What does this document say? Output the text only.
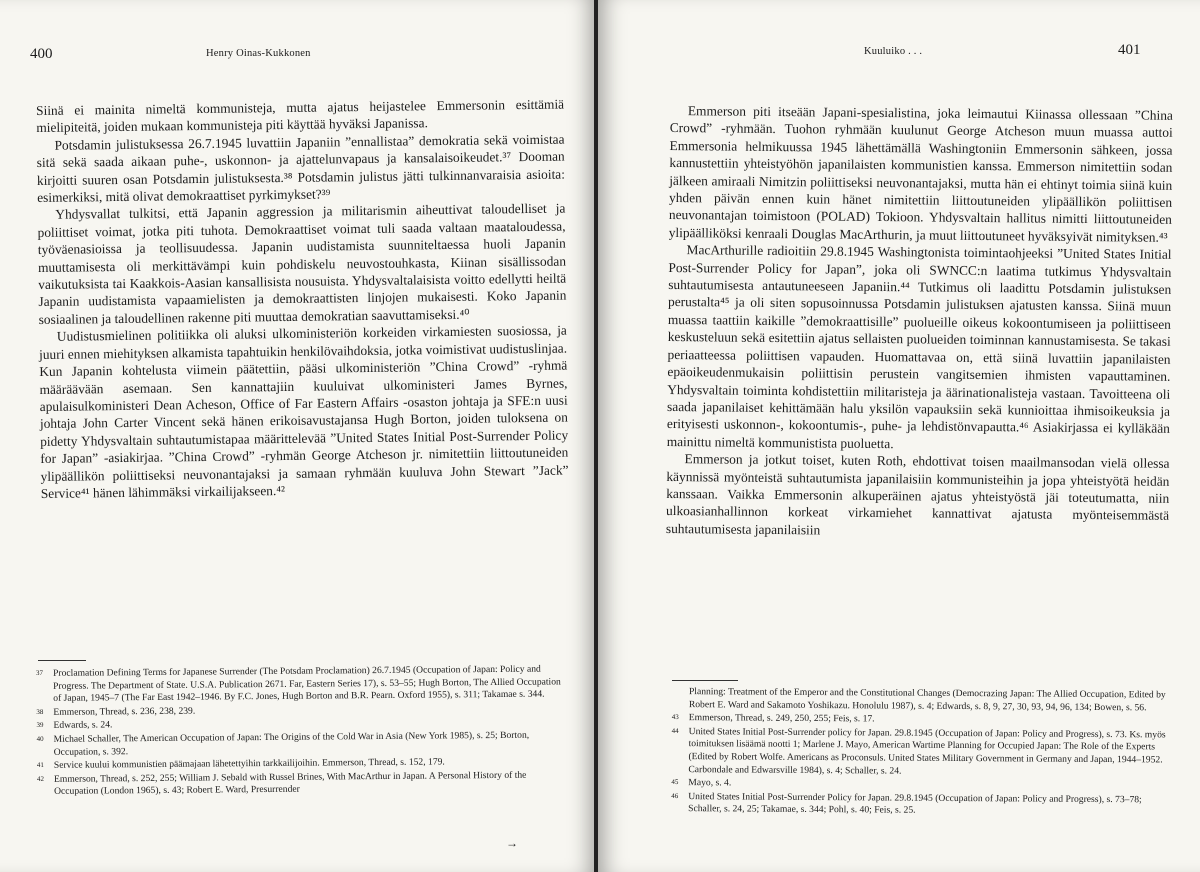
400	Henry Oinas-Kukkonen

Siinä ei mainita nimeltä kommunisteja, mutta ajatus heijastelee Emmersonin esittämiä mielipiteitä, joiden mukaan kommunisteja piti käyttää hyväksi Japanissa.

Potsdamin julistuksessa 26.7.1945 luvattiin Japaniin ”ennallistaa” demokratia sekä voimistaa sitä sekä saada aikaan puhe-, uskonnon- ja ajattelunvapaus ja kansalaisoikeudet.³⁷ Dooman kirjoitti suuren osan Potsdamin julistuksesta.³⁸ Potsdamin julistus jätti tulkinnanvaraisia asioita: esimerkiksi, mitä olivat demokraattiset pyrkimykset?³⁹

Yhdysvallat tulkitsi, että Japanin aggression ja militarismin aiheuttivat taloudelliset ja poliittiset voimat, jotka piti tuhota. Demokraattiset voimat tuli saada valtaan maataloudessa, työväenasioissa ja teollisuudessa. Japanin uudistamista suunniteltaessa huoli Japanin muuttamisesta oli merkittävämpi kuin pohdiskelu neuvostouhkasta, Kiinan sisällissodan vaikutuksista tai Kaakkois-Aasian kansallisista nousuista. Yhdysvaltalaisista voitto edellytti heiltä Japanin uudistamista vapaamielisten ja demokraattisten linjojen mukaisesti. Koko Japanin sosiaalinen ja taloudellinen rakenne piti muuttaa demokratian saavuttamiseksi.⁴⁰

Uudistusmielinen politiikka oli aluksi ulkoministeriön korkeiden virkamiesten suosiossa, ja juuri ennen miehityksen alkamista tapahtuikin henkilövaihdoksia, jotka voimistivat uudistuslinjaa. Kun Japanin kohtelusta viimein päätettiin, pääsi ulkoministeriön ”China Crowd” -ryhmä määräävään asemaan. Sen kannattajiin kuuluivat ulkoministeri James Byrnes, apulaisulkoministeri Dean Acheson, Office of Far Eastern Affairs -osaston johtaja ja SFE:n uusi johtaja John Carter Vincent sekä hänen erikoisavustajansa Hugh Borton, joiden tuloksena on pidetty Yhdysvaltain suhtautumistapaa määrittelevää ”United States Initial Post-Surrender Policy for Japan” -asiakirjaa. ”China Crowd” -ryhmän George Atcheson jr. nimitettiin liittoutuneiden ylipäällikön poliittiseksi neuvonantajaksi ja samaan ryhmään kuuluva John Stewart ”Jack” Service⁴¹ hänen lähimmäksi virkailijakseen.⁴²

37	Proclamation Defining Terms for Japanese Surrender (The Potsdam Proclamation) 26.7.1945 (Occupation of Japan: Policy and Progress. The Department of State. U.S.A. Publication 2671. Far, Eastern Series 17), s. 53–55; Hugh Borton, The Allied Occupation of Japan, 1945–7 (The Far East 1942–1946. By F.C. Jones, Hugh Borton and B.R. Pearn. Oxford 1955), s. 311; Takamae s. 344.
38	Emmerson, Thread, s. 236, 238, 239.
39	Edwards, s. 24.
40	Michael Schaller, The American Occupation of Japan: The Origins of the Cold War in Asia (New York 1985), s. 25; Borton, Occupation, s. 392.
41	Service kuului kommunistien päämajaan lähetettyihin tarkkailijoihin. Emmerson, Thread, s. 152, 179.
42	Emmerson, Thread, s. 252, 255; William J. Sebald with Russel Brines, With MacArthur in Japan. A Personal History of the Occupation (London 1965), s. 43; Robert E. Ward, Presurrender
→
Kuuluiko . . .	401

Emmerson piti itseään Japani-spesialistina, joka leimautui Kiinassa ollessaan ”China Crowd” -ryhmään. Tuohon ryhmään kuulunut George Atcheson muun muassa auttoi Emmersonia helmikuussa 1945 lähettämällä Washingtoniin Emmersonin sähkeen, jossa kannustettiin yhteistyöhön japanilaisten kommunistien kanssa. Emmerson nimitettiin sodan jälkeen amiraali Nimitzin poliittiseksi neuvonantajaksi, mutta hän ei ehtinyt toimia siinä kuin yhden päivän ennen kuin hänet nimitettiin liittoutuneiden ylipäällikön poliittisen neuvonantajan toimistoon (POLAD) Tokioon. Yhdysvaltain hallitus nimitti liittoutuneiden ylipäälliköksi kenraali Douglas MacArthurin, ja muut liittoutuneet hyväksyivät nimityksen.⁴³

MacArthurille radioitiin 29.8.1945 Washingtonista toimintaohjeeksi ”United States Initial Post-Surrender Policy for Japan”, joka oli SWNCC:n laatima tutkimus Yhdysvaltain suhtautumisesta antautuneeseen Japaniin.⁴⁴ Tutkimus oli laadittu Potsdamin julistuksen perustalta⁴⁵ ja oli siten sopusoinnussa Potsdamin julistuksen ajatusten kanssa. Siinä muun muassa taattiin kaikille ”demokraattisille” puolueille oikeus kokoontumiseen ja poliittiseen keskusteluun sekä esitettiin ajatus sellaisten puolueiden toiminnan kannustamisesta. Se takasi periaatteessa poliittisen vapauden. Huomattavaa on, että siinä luvattiin japanilaisten epäoikeudenmukaisin poliittisin perustein vangitsemien ihmisten vapauttaminen. Yhdysvaltain toiminta kohdistettiin militaristeja ja äärinationalisteja vastaan. Tavoitteena oli saada japanilaiset kehittämään halu yksilön vapauksiin sekä kunnioittaa ihmisoikeuksia ja erityisesti uskonnon-, kokoontumis-, puhe- ja lehdistönvapautta.⁴⁶ Asiakirjassa ei kylläkään mainittu nimeltä kommunistista puoluetta.

Emmerson ja jotkut toiset, kuten Roth, ehdottivat toisen maailmansodan vielä ollessa käynnissä myönteistä suhtautumista japanilaisiin kommunisteihin ja jopa yhteistyötä heidän kanssaan. Vaikka Emmersonin alkuperäinen ajatus yhteistyöstä jäi toteutumatta, niin ulkoasianhallinnon korkeat virkamiehet kannattivat ajatusta myönteisemmästä suhtautumisesta japanilaisiin

Planning: Treatment of the Emperor and the Constitutional Changes (Democrazing Japan: The Allied Occupation, Edited by Robert E. Ward and Sakamoto Yoshikazu. Honolulu 1987), s. 4; Edwards, s. 8, 9, 27, 30, 93, 94, 96, 134; Bowen, s. 56.
43	Emmerson, Thread, s. 249, 250, 255; Feis, s. 17.
44	United States Initial Post-Surrender policy for Japan. 29.8.1945 (Occupation of Japan: Policy and Progress), s. 73. Ks. myös toimituksen lisäämä nootti 1; Marlene J. Mayo, American Wartime Planning for Occupied Japan: The Role of the Experts (Edited by Robert Wolfe. Americans as Proconsuls. United States Military Government in Germany and Japan, 1944–1952. Carbondale and Edwarsville 1984), s. 4; Schaller, s. 24.
45	Mayo, s. 4.
46	United States Initial Post-Surrender Policy for Japan. 29.8.1945 (Occupation of Japan: Policy and Progress), s. 73–78; Schaller, s. 24, 25; Takamae, s. 344; Pohl, s. 40; Feis, s. 25.
